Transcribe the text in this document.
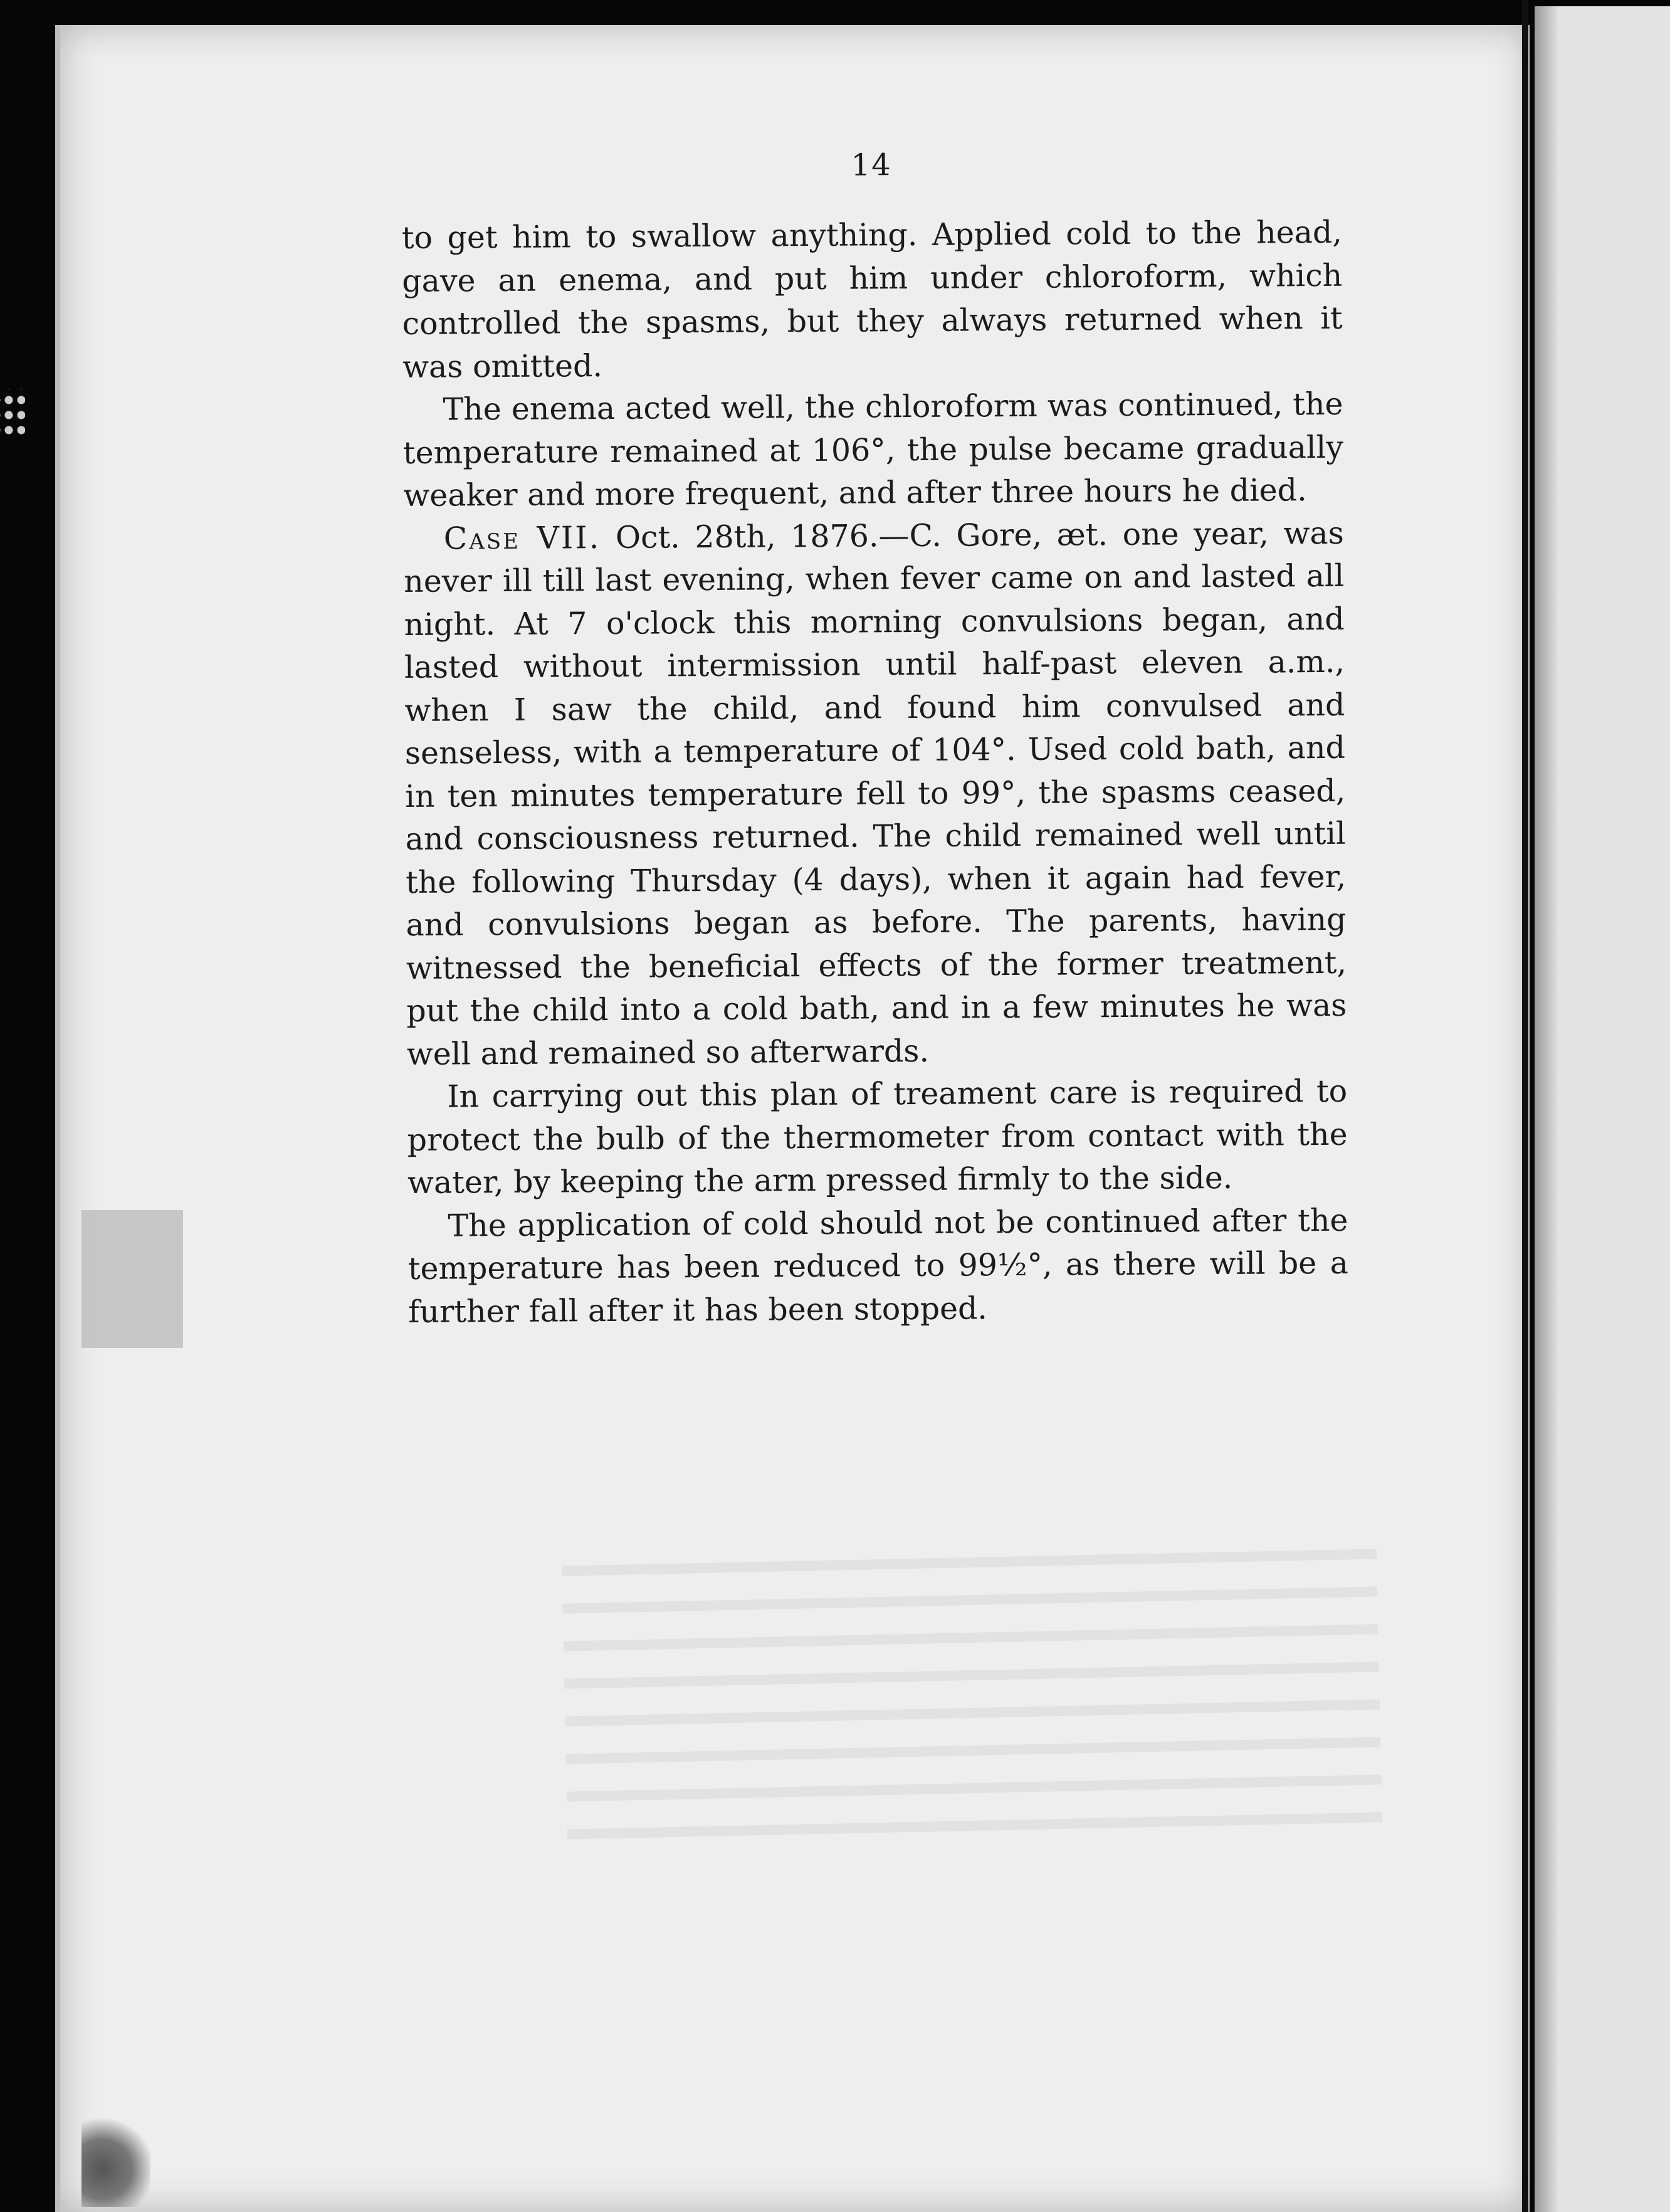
14

to get him to swallow anything. Applied cold to the head, gave an enema, and put him under chloroform, which controlled the spasms, but they always returned when it was omitted.

The enema acted well, the chloroform was continued, the temperature remained at 106°, the pulse became gradually weaker and more frequent, and after three hours he died.

Case VII. Oct. 28th, 1876.—C. Gore, æt. one year, was never ill till last evening, when fever came on and lasted all night. At 7 o'clock this morning convulsions began, and lasted without intermission until half-past eleven a.m., when I saw the child, and found him convulsed and senseless, with a temperature of 104°. Used cold bath, and in ten minutes temperature fell to 99°, the spasms ceased, and consciousness returned. The child remained well until the following Thursday (4 days), when it again had fever, and convulsions began as before. The parents, having witnessed the beneficial effects of the former treatment, put the child into a cold bath, and in a few minutes he was well and remained so afterwards.

In carrying out this plan of treament care is required to protect the bulb of the thermometer from contact with the water, by keeping the arm pressed firmly to the side.

The application of cold should not be continued after the temperature has been reduced to 99½°, as there will be a further fall after it has been stopped.
